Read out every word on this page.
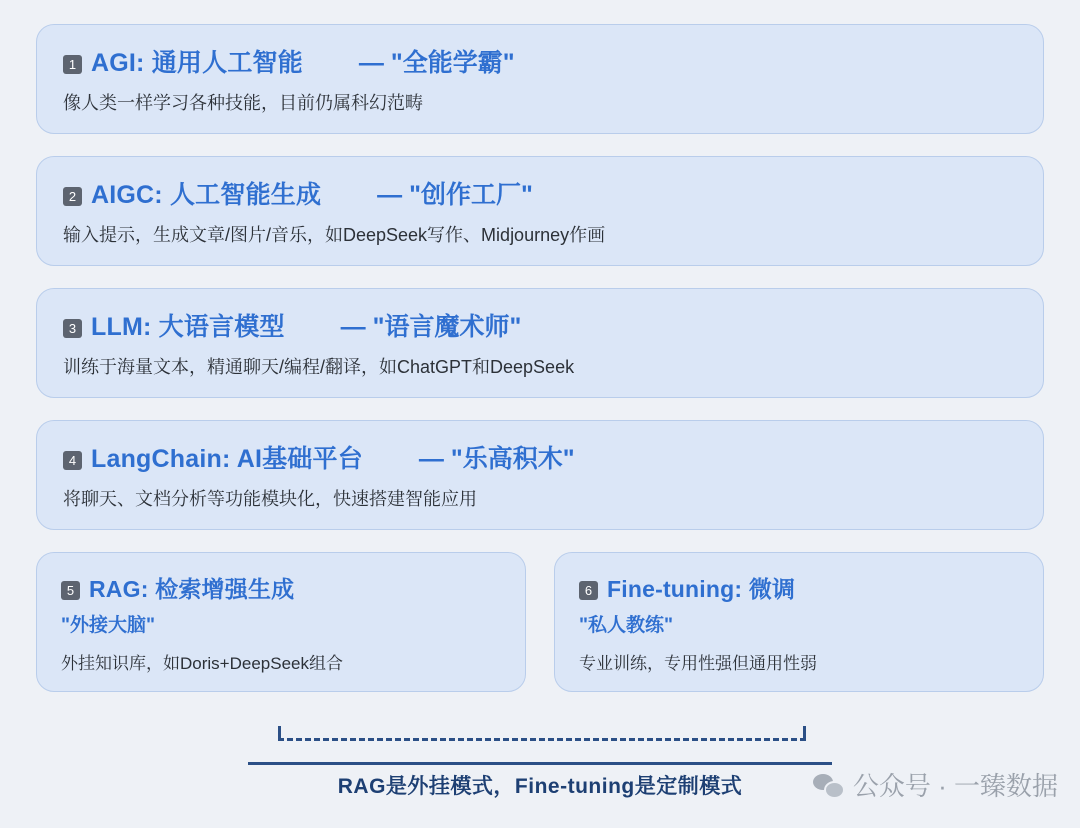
1 AGI: 通用人工智能 — "全能学霸"
像人类一样学习各种技能，目前仍属科幻范畴
2 AIGC: 人工智能生成 — "创作工厂"
输入提示，生成文章/图片/音乐，如DeepSeek写作、Midjourney作画
3 LLM: 大语言模型 — "语言魔术师"
训练于海量文本，精通聊天/编程/翻译，如ChatGPT和DeepSeek
4 LangChain: AI基础平台 — "乐高积木"
将聊天、文档分析等功能模块化，快速搭建智能应用
5 RAG: 检索增强生成
"外接大脑"
外挂知识库，如Doris+DeepSeek组合
6 Fine-tuning: 微调
"私人教练"
专业训练，专用性强但通用性弱
RAG是外挂模式，Fine-tuning是定制模式	公众号 · 一臻数据
